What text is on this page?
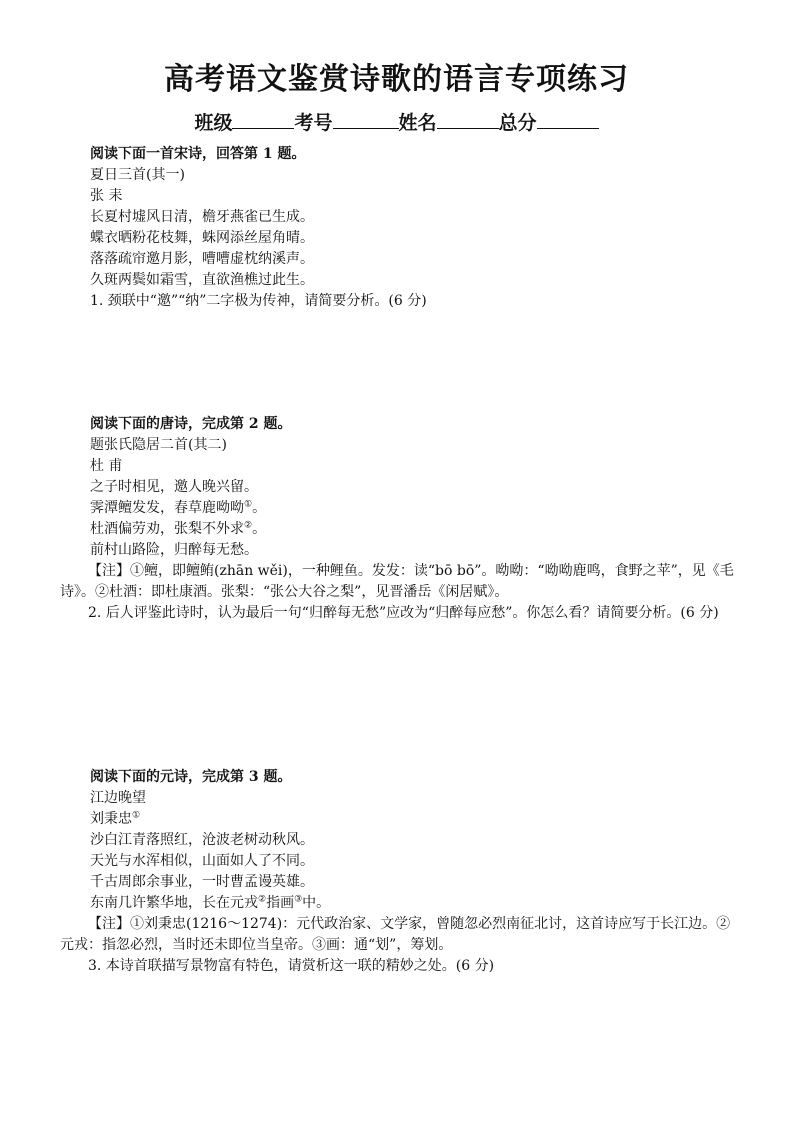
高考语文鉴赏诗歌的语言专项练习
班级	考号	姓名	总分
阅读下面一首宋诗，回答第 1 题。
夏日三首(其一)
张 耒
长夏村墟风日清，檐牙燕雀已生成。
蝶衣晒粉花枝舞，蛛网添丝屋角晴。
落落疏帘邀月影，嘈嘈虚枕纳溪声。
久斑两鬓如霜雪，直欲渔樵过此生。
1. 颈联中“邀”“纳”二字极为传神，请简要分析。(6 分)
阅读下面的唐诗，完成第 2 题。
题张氏隐居二首(其二)
杜 甫
之子时相见，邀人晚兴留。
霁潭鳣发发，春草鹿呦呦①。
杜酒偏劳劝，张梨不外求②。
前村山路险，归醉每无愁。
【注】①鳣，即鳣鲔(zhān wěi)，一种鲤鱼。发发：读“bō bō”。呦呦：“呦呦鹿鸣，食野之苹”，见《毛诗》。②杜酒：即杜康酒。张梨：“张公大谷之梨”，见晋潘岳《闲居赋》。
2. 后人评鉴此诗时，认为最后一句“归醉每无愁”应改为“归醉每应愁”。你怎么看？请简要分析。(6 分)
阅读下面的元诗，完成第 3 题。
江边晚望
刘秉忠①
沙白江青落照红，沧波老树动秋风。
天光与水浑相似，山面如人了不同。
千古周郎余事业，一时曹孟谩英雄。
东南几许繁华地，长在元戎②指画③中。
【注】①刘秉忠(1216～1274)：元代政治家、文学家，曾随忽必烈南征北讨，这首诗应写于长江边。②元戎：指忽必烈，当时还未即位当皇帝。③画：通“划”，筹划。
3. 本诗首联描写景物富有特色，请赏析这一联的精妙之处。(6 分)
